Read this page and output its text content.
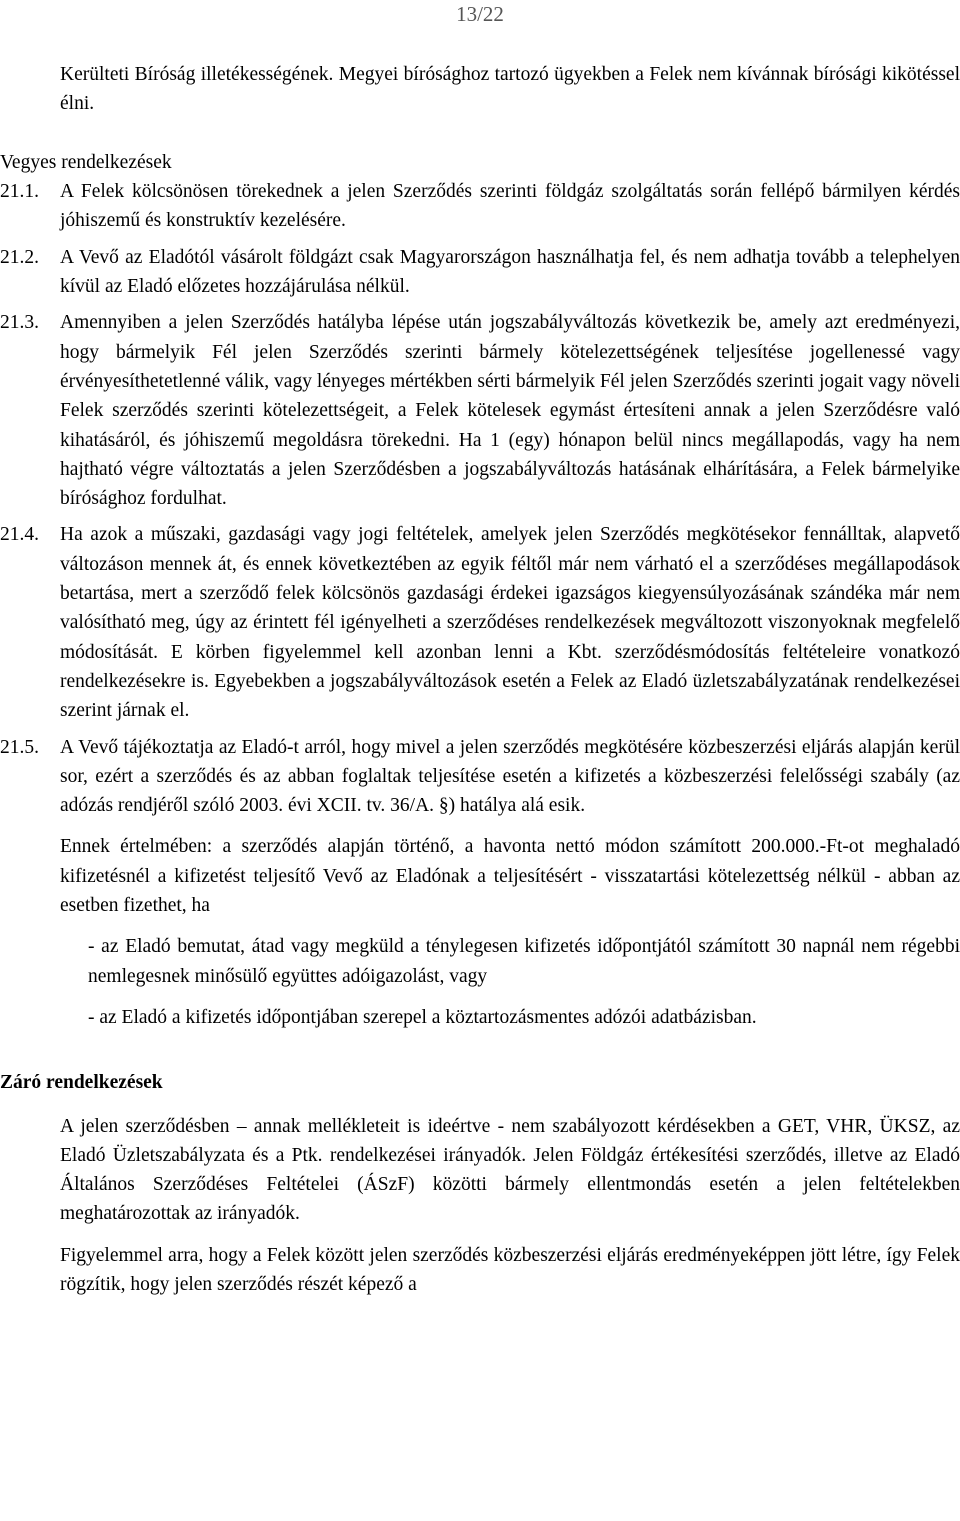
13/22

Kerülteti Bíróság illetékességének. Megyei bírósághoz tartozó ügyekben a Felek nem kívánnak bírósági kikötéssel élni.

Vegyes rendelkezések

21.1.	A Felek kölcsönösen törekednek a jelen Szerződés szerinti földgáz szolgáltatás során fellépő bármilyen kérdés jóhiszemű és konstruktív kezelésére.

21.2.	A Vevő az Eladótól vásárolt földgázt csak Magyarországon használhatja fel, és nem adhatja tovább a telephelyen kívül az Eladó előzetes hozzájárulása nélkül.

21.3.	Amennyiben a jelen Szerződés hatályba lépése után jogszabályváltozás következik be, amely azt eredményezi, hogy bármelyik Fél jelen Szerződés szerinti bármely kötelezettségének teljesítése jogellenessé vagy érvényesíthetetlenné válik, vagy lényeges mértékben sérti bármelyik Fél jelen Szerződés szerinti jogait vagy növeli Felek szerződés szerinti kötelezettségeit, a Felek kötelesek egymást értesíteni annak a jelen Szerződésre való kihatásáról, és jóhiszemű megoldásra törekedni. Ha 1 (egy) hónapon belül nincs megállapodás, vagy ha nem hajtható végre változtatás a jelen Szerződésben a jogszabályváltozás hatásának elhárítására, a Felek bármelyike bírósághoz fordulhat.

21.4.	Ha azok a műszaki, gazdasági vagy jogi feltételek, amelyek jelen Szerződés megkötésekor fennálltak, alapvető változáson mennek át, és ennek következtében az egyik féltől már nem várható el a szerződéses megállapodások betartása, mert a szerződő felek kölcsönös gazdasági érdekei igazságos kiegyensúlyozásának szándéka már nem valósítható meg, úgy az érintett fél igényelheti a szerződéses rendelkezések megváltozott viszonyoknak megfelelő módosítását. E körben figyelemmel kell azonban lenni a Kbt. szerződésmódosítás feltételeire vonatkozó rendelkezésekre is. Egyebekben a jogszabályváltozások esetén a Felek az Eladó üzletszabályzatának rendelkezései szerint járnak el.

21.5.	A Vevő tájékoztatja az Eladó-t arról, hogy mivel a jelen szerződés megkötésére közbeszerzési eljárás alapján kerül sor, ezért a szerződés és az abban foglaltak teljesítése esetén a kifizetés a közbeszerzési felelősségi szabály (az adózás rendjéről szóló 2003. évi XCII. tv. 36/A. §) hatálya alá esik.

Ennek értelmében: a szerződés alapján történő, a havonta nettó módon számított 200.000.-Ft-ot meghaladó kifizetésnél a kifizetést teljesítő Vevő az Eladónak a teljesítésért - visszatartási kötelezettség nélkül - abban az esetben fizethet, ha

- az Eladó bemutat, átad vagy megküld a ténylegesen kifizetés időpontjától számított 30 napnál nem régebbi nemlegesnek minősülő együttes adóigazolást, vagy

- az Eladó a kifizetés időpontjában szerepel a köztartozásmentes adózói adatbázisban.

Záró rendelkezések

A jelen szerződésben – annak mellékleteit is ideértve - nem szabályozott kérdésekben a GET, VHR, ÜKSZ, az Eladó Üzletszabályzata és a Ptk. rendelkezései irányadók. Jelen Földgáz értékesítési szerződés, illetve az Eladó Általános Szerződéses Feltételei (ÁSzF) közötti bármely ellentmondás esetén a jelen feltételekben meghatározottak az irányadók.

Figyelemmel arra, hogy a Felek között jelen szerződés közbeszerzési eljárás eredményeképpen jött létre, így Felek rögzítik, hogy jelen szerződés részét képező a
